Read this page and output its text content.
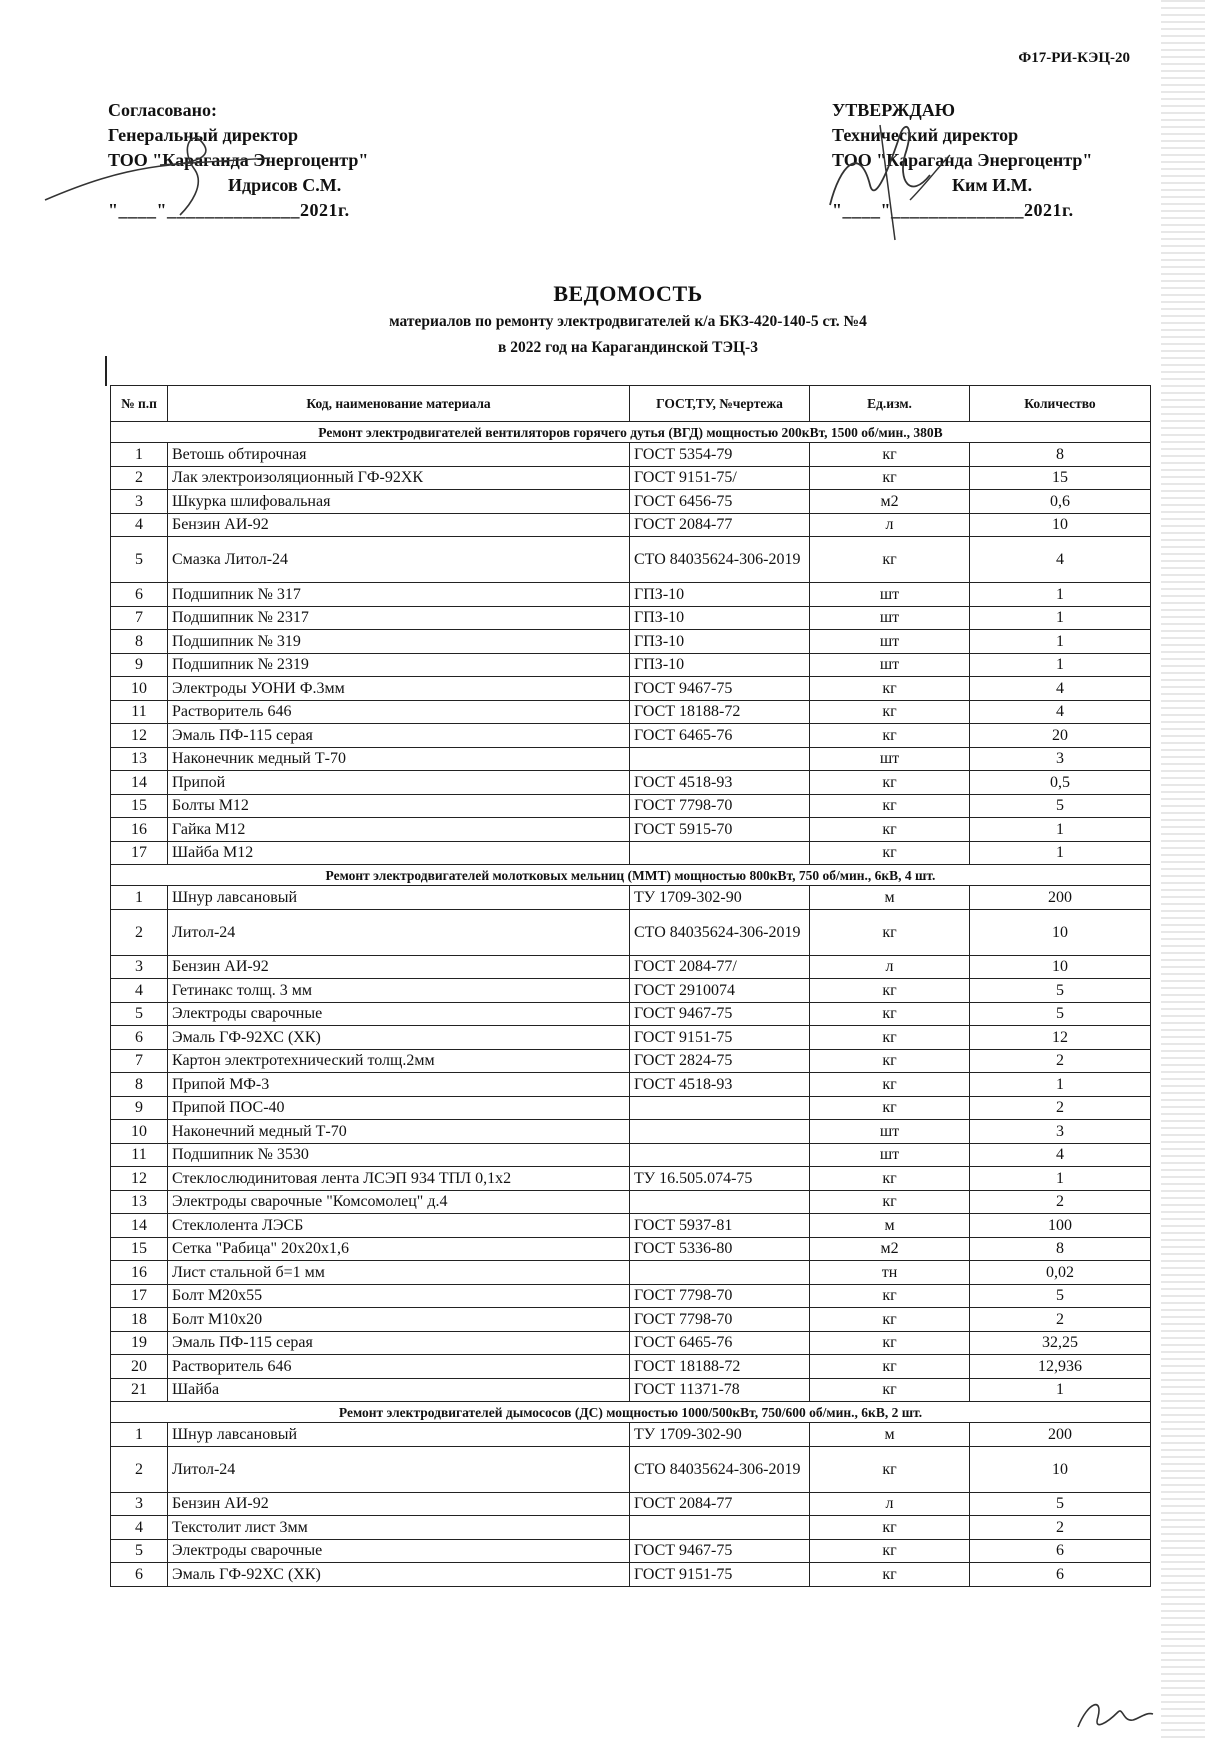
Ф17-РИ-КЭЦ-20
Согласовано:
Генеральный директор
ТОО "Караганда Энергоцентр"
Идрисов С.М.
"____"______________2021г.
УТВЕРЖДАЮ
Технический директор
ТОО "Караганда Энергоцентр"
Ким И.М.
"____"______________2021г.
ВЕДОМОСТЬ
материалов по ремонту электродвигателей к/а БКЗ-420-140-5 ст. №4
в 2022 год на Карагандинской ТЭЦ-3
№ п.п	Код, наименование материала	ГОСТ,ТУ, №чертежа	Ед.изм.	Количество
Ремонт электродвигателей вентиляторов горячего дутья (ВГД) мощностью 200кВт, 1500 об/мин., 380В				
1	Ветошь обтирочная	ГОСТ 5354-79	кг	8
2	Лак электроизоляционный ГФ-92ХК	ГОСТ 9151-75/	кг	15
3	Шкурка шлифовальная	ГОСТ 6456-75	м2	0,6
4	Бензин АИ-92	ГОСТ 2084-77	л	10
5	Смазка Литол-24	СТО 84035624-306-2019	кг	4
6	Подшипник № 317	ГПЗ-10	шт	1
7	Подшипник № 2317	ГПЗ-10	шт	1
8	Подшипник № 319	ГПЗ-10	шт	1
9	Подшипник № 2319	ГПЗ-10	шт	1
10	Электроды УОНИ Ф.3мм	ГОСТ 9467-75	кг	4
11	Растворитель 646	ГОСТ 18188-72	кг	4
12	Эмаль ПФ-115 серая	ГОСТ 6465-76	кг	20
13	Наконечник медный Т-70		шт	3
14	Припой	ГОСТ 4518-93	кг	0,5
15	Болты М12	ГОСТ 7798-70	кг	5
16	Гайка М12	ГОСТ 5915-70	кг	1
17	Шайба М12		кг	1
Ремонт электродвигателей молотковых мельниц (ММТ) мощностью 800кВт, 750 об/мин., 6кВ, 4 шт.				
1	Шнур лавсановый	ТУ 1709-302-90	м	200
2	Литол-24	СТО 84035624-306-2019	кг	10
3	Бензин АИ-92	ГОСТ 2084-77/	л	10
4	Гетинакс толщ. 3 мм	ГОСТ 2910074	кг	5
5	Электроды сварочные	ГОСТ 9467-75	кг	5
6	Эмаль ГФ-92ХС (ХК)	ГОСТ 9151-75	кг	12
7	Картон электротехнический толщ.2мм	ГОСТ 2824-75	кг	2
8	Припой МФ-3	ГОСТ 4518-93	кг	1
9	Припой ПОС-40		кг	2
10	Наконечний медный Т-70		шт	3
11	Подшипник № 3530		шт	4
12	Стеклослюдинитовая лента ЛСЭП 934 ТПЛ 0,1х2	ТУ 16.505.074-75	кг	1
13	Электроды сварочные "Комсомолец" д.4		кг	2
14	Стеклолента ЛЭСБ	ГОСТ 5937-81	м	100
15	Сетка "Рабица" 20х20х1,6	ГОСТ 5336-80	м2	8
16	Лист стальной б=1 мм		тн	0,02
17	Болт М20х55	ГОСТ 7798-70	кг	5
18	Болт М10х20	ГОСТ 7798-70	кг	2
19	Эмаль ПФ-115 серая	ГОСТ 6465-76	кг	32,25
20	Растворитель 646	ГОСТ 18188-72	кг	12,936
21	Шайба	ГОСТ 11371-78	кг	1
Ремонт электродвигателей дымососов (ДС) мощностью 1000/500кВт, 750/600 об/мин., 6кВ, 2 шт.				
1	Шнур лавсановый	ТУ 1709-302-90	м	200
2	Литол-24	СТО 84035624-306-2019	кг	10
3	Бензин АИ-92	ГОСТ 2084-77	л	5
4	Текстолит лист 3мм		кг	2
5	Электроды сварочные	ГОСТ 9467-75	кг	6
6	Эмаль ГФ-92ХС (ХК)	ГОСТ 9151-75	кг	6
